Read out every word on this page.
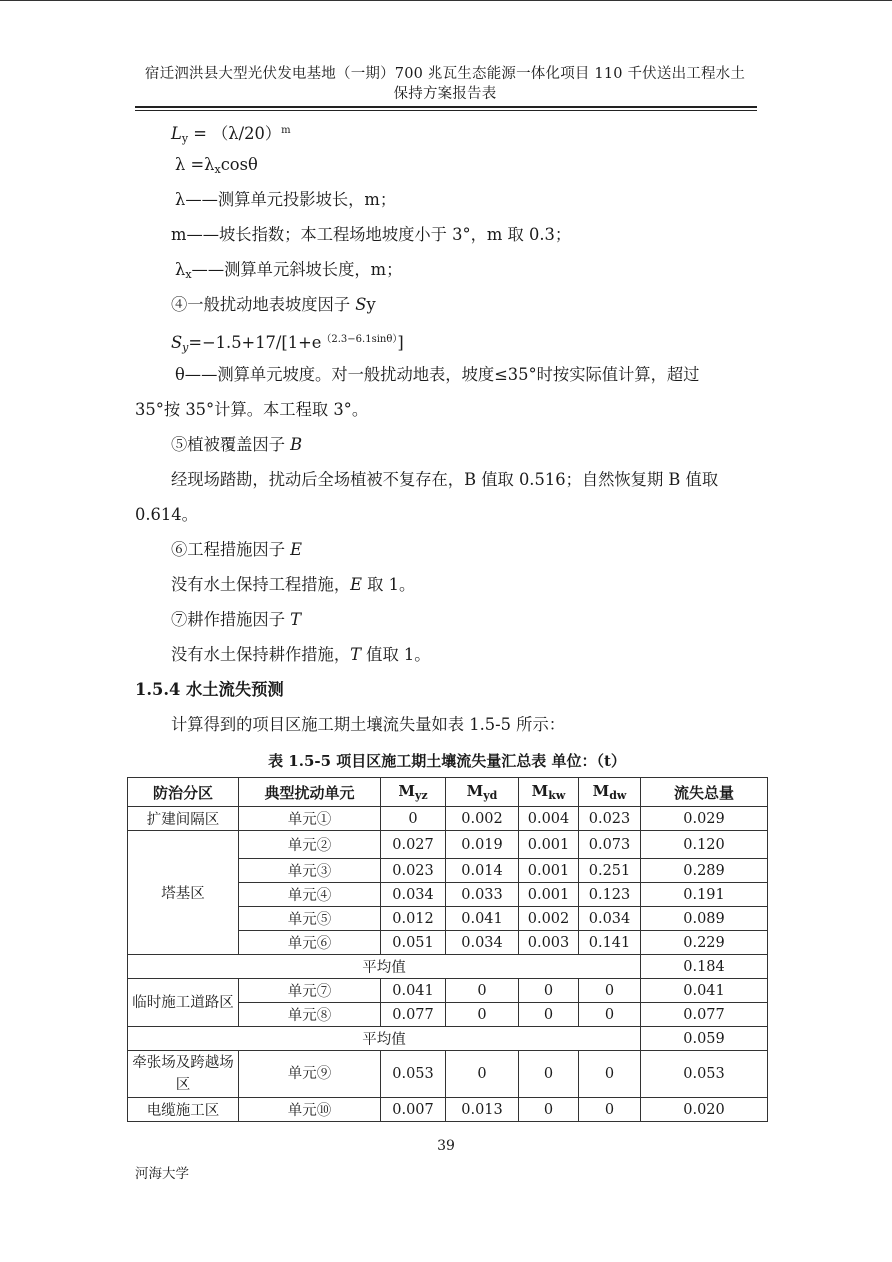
宿迁泗洪县大型光伏发电基地（一期）700 兆瓦生态能源一体化项目 110 千伏送出工程水土
保持方案报告表
$L_y = (\lambda/20)^m$
$\lambda =\lambda_x\cos\theta$
λ——测算单元投影坡长，m；
m——坡长指数；本工程场地坡度小于 3°，m 取 0.3；
$\lambda_x——$测算单元斜坡长度，m；
④一般扰动地表坡度因子 Sy
$S_y=-1.5+17/[1+e^{(2.3-6.1sin\theta)}]$
θ——测算单元坡度。对一般扰动地表，坡度≤35°时按实际值计算，超过
35°按 35°计算。本工程取 3°。
⑤植被覆盖因子 B
经现场踏勘，扰动后全场植被不复存在，B 值取 0.516；自然恢复期 B 值取
0.614。
⑥工程措施因子 E
没有水土保持工程措施，E 取 1。
⑦耕作措施因子 T
没有水土保持耕作措施，T 值取 1。
1.5.4 水土流失预测
计算得到的项目区施工期土壤流失量如表 1.5-5 所示：
表 1.5-5 项目区施工期土壤流失量汇总表 单位：（t）
防治分区	典型扰动单元	$M_{yz}$	$M_{yd}$	$M_{kw}$	$M_{dw}$	流失总量
扩建间隔区	单元①	0	0.002	0.004	0.023	0.029
塔基区	单元②	0.027	0.019	0.001	0.073	0.120
	单元③	0.023	0.014	0.001	0.251	0.289
	单元④	0.034	0.033	0.001	0.123	0.191
	单元⑤	0.012	0.041	0.002	0.034	0.089
	单元⑥	0.051	0.034	0.003	0.141	0.229
平均值						0.184
临时施工道路区	单元⑦	0.041	0	0	0	0.041
	单元⑧	0.077	0	0	0	0.077
平均值						0.059
牵张场及跨越场区	单元⑨	0.053	0	0	0	0.053
电缆施工区	单元⑩	0.007	0.013	0	0	0.020
39
河海大学
